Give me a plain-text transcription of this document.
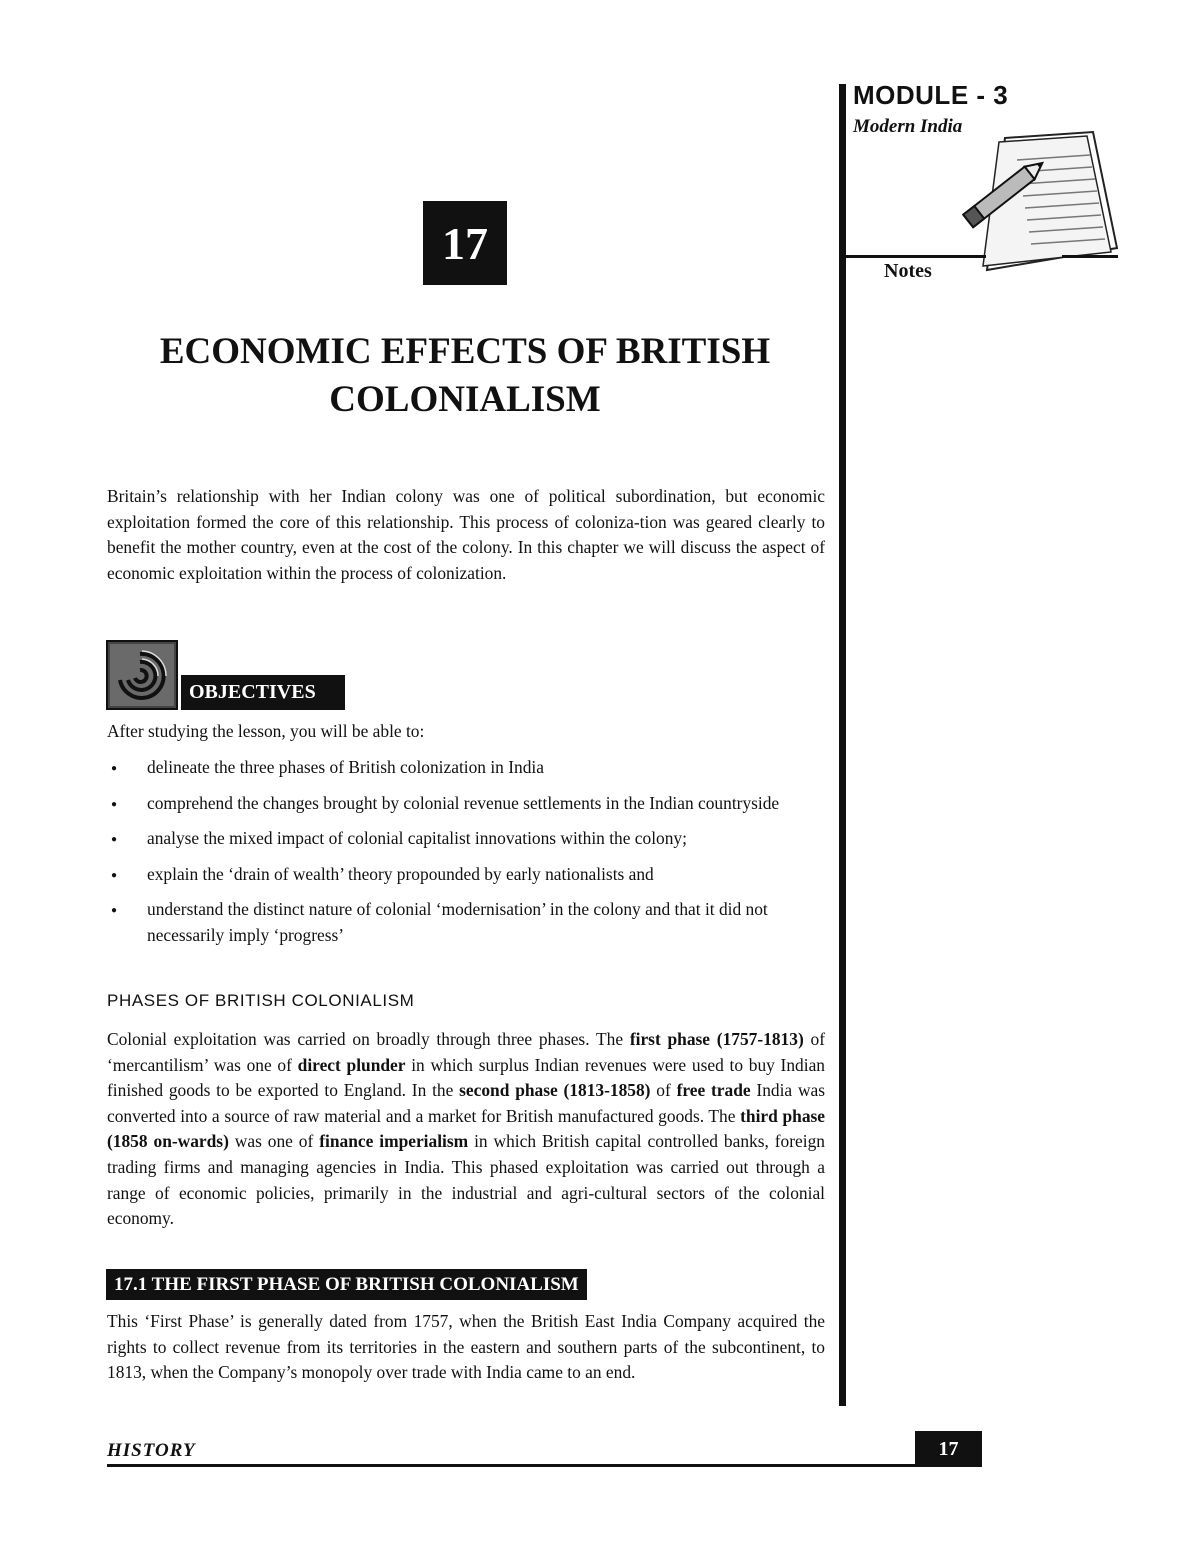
MODULE - 3
Modern India
Notes
17
ECONOMIC EFFECTS OF BRITISH
COLONIALISM

Britain’s relationship with her Indian colony was one of political subordination, but economic exploitation formed the core of this relationship. This process of coloniza-tion was geared clearly to benefit the mother country, even at the cost of the colony. In this chapter we will discuss the aspect of economic exploitation within the process of colonization.

OBJECTIVES

After studying the lesson, you will be able to:

● delineate the three phases of British colonization in India
● comprehend the changes brought by colonial revenue settlements in the Indian countryside
● analyse the mixed impact of colonial capitalist innovations within the colony;
● explain the ‘drain of wealth’ theory propounded by early nationalists and
● understand the distinct nature of colonial ‘modernisation’ in the colony and that it did not necessarily imply ‘progress’
PHASES OF BRITISH COLONIALISM

Colonial exploitation was carried on broadly through three phases. The first phase (1757-1813) of ‘mercantilism’ was one of direct plunder in which surplus Indian revenues were used to buy Indian finished goods to be exported to England. In the second phase (1813-1858) of free trade India was converted into a source of raw material and a market for British manufactured goods. The third phase (1858 on-wards) was one of finance imperialism in which British capital controlled banks, foreign trading firms and managing agencies in India. This phased exploitation was carried out through a range of economic policies, primarily in the industrial and agri-cultural sectors of the colonial economy.

17.1 THE FIRST PHASE OF BRITISH COLONIALISM

This ‘First Phase’ is generally dated from 1757, when the British East India Company acquired the rights to collect revenue from its territories in the eastern and southern parts of the subcontinent, to 1813, when the Company’s monopoly over trade with India came to an end.

HISTORY	17
